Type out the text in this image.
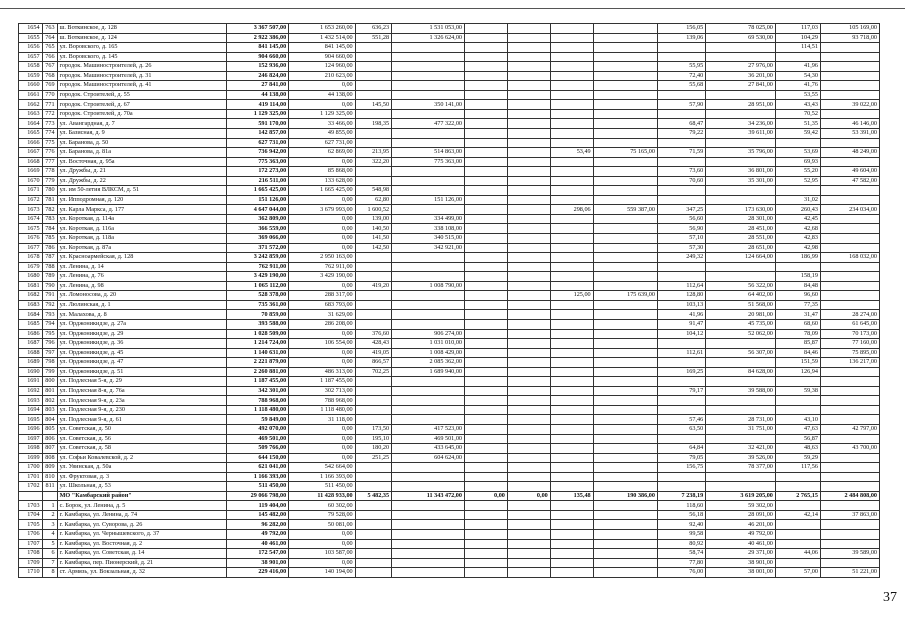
1654	763	ш. Воткинское, д. 128	3 367 507,00	1 653 260,00	636,23	1 531 053,00					156,05	78 025,00	117,03	105 169,00
1655	764	ш. Воткинское, д. 124	2 922 386,00	1 432 514,00	551,28	1 326 624,00					139,06	69 530,00	104,29	93 718,00
1656	765	ул. Воровского, д. 165	841 145,00	841 145,00									114,51	
1657	766	ул. Воровского, д. 145	904 660,00	904 660,00										
1658	767	городок. Машиностроителей, д. 26	152 936,00	124 960,00							55,95	27 976,00	41,96	
1659	768	городок. Машиностроителей, д. 31	246 824,00	210 623,00							72,40	36 201,00	54,30	
1660	769	городок. Машиностроителей, д. 41	27 841,00	0,00							55,68	27 841,00	41,76	
1661	770	городок. Строителей, д. 55	44 138,00	44 138,00									53,55	
1662	771	городок. Строителей, д. 67	419 114,00	0,00	145,50	350 141,00					57,90	28 951,00	43,43	39 022,00
1663	772	городок. Строителей, д. 70а	1 129 325,00	1 129 325,00									70,52	
1664	773	ул. Авангардная, д. 7	591 170,00	33 466,00	198,35	477 322,00					68,47	34 236,00	51,35	46 146,00
1665	774	ул. Базисная, д. 9	142 857,00	49 855,00							79,22	39 611,00	59,42	53 391,00
1666	775	ул. Баранова, д. 50	627 731,00	627 731,00										
1667	776	ул. Баранова, д. 81а	736 942,00	62 869,00	213,95	514 863,00			53,49	75 165,00	71,59	35 796,00	53,69	48 249,00
1668	777	ул. Восточная, д. 95а	775 363,00	0,00	322,20	775 363,00							69,93	
1669	778	ул. Дружбы, д. 21	172 273,00	85 868,00							73,60	36 801,00	55,20	49 604,00
1670	779	ул. Дружбы, д. 22	216 511,00	133 628,00							70,60	35 301,00	52,95	47 582,00
1671	780	ул. им 50-летия ВЛКСМ, д. 51	1 665 425,00	1 665 425,00	548,98									
1672	781	ул. Ипподромная, д. 120	151 126,00	0,00	62,80	151 126,00							31,02	
1673	782	ул. Карла Маркса, д. 177	4 647 044,00	3 679 993,00	1 600,52				298,06	559 387,00	347,25	173 630,00	260,43	234 034,00
1674	783	ул. Короткая, д. 114а	362 809,00	0,00	139,00	334 499,00					56,60	28 301,00	42,45	
1675	784	ул. Короткая, д. 116а	366 559,00	0,00	140,50	338 108,00					56,90	28 451,00	42,68	
1676	785	ул. Короткая, д. 118а	369 066,00	0,00	141,50	340 515,00					57,10	28 551,00	42,83	
1677	786	ул. Короткая, д. 87а	371 572,00	0,00	142,50	342 921,00					57,30	28 651,00	42,98	
1678	787	ул. Красноармейская, д. 128	3 242 859,00	2 950 163,00							249,32	124 664,00	186,99	168 032,00
1679	788	ул. Ленина, д. 14	762 911,00	762 911,00										
1680	789	ул. Ленина, д. 76	3 429 190,00	3 429 190,00									158,19	
1681	790	ул. Ленина, д. 98	1 065 112,00	0,00	419,20	1 008 790,00					112,64	56 322,00	84,48	
1682	791	ул. Ломоносова, д. 20	528 378,00	288 317,00					125,00	175 639,00	128,80	64 402,00	96,60	
1683	792	ул. Люлинская, д. 1	735 361,00	683 793,00							103,13	51 568,00	77,35	
1684	793	ул. Малахова, д. 8	70 859,00	31 629,00							41,96	20 981,00	31,47	28 274,00
1685	794	ул. Орджоникидзе, д. 27а	393 588,00	286 208,00							91,47	45 735,00	68,60	61 645,00
1686	795	ул. Орджоникидзе, д. 29	1 028 509,00	0,00	376,60	906 274,00					104,12	52 062,00	78,09	70 173,00
1687	796	ул. Орджоникидзе, д. 36	1 214 724,00	106 554,00	428,43	1 031 010,00							85,87	77 160,00
1688	797	ул. Орджоникидзе, д. 45	1 140 631,00	0,00	419,05	1 008 429,00					112,61	56 307,00	84,46	75 895,00
1689	798	ул. Орджоникидзе, д. 47	2 221 879,00	0,00	866,57	2 085 362,00							151,59	136 217,00
1690	799	ул. Орджоникидзе, д. 51	2 260 881,00	486 313,00	702,25	1 689 940,00					169,25	84 628,00	126,94	
1691	800	ул. Подлесная 5-я, д. 29	1 187 455,00	1 187 455,00										
1692	801	ул. Подлесная 8-я, д. 76а	342 301,00	302 713,00							79,17	39 588,00	59,38	
1693	802	ул. Подлесная 9-я, д. 23а	788 968,00	788 968,00										
1694	803	ул. Подлесная 9-я, д. 230	1 118 480,00	1 118 480,00										
1695	804	ул. Подлесная 9-я, д. 61	59 849,00	31 118,00							57,46	28 731,00	43,10	
1696	805	ул. Советская, д. 50	492 070,00	0,00	173,50	417 523,00					63,50	31 751,00	47,63	42 797,00
1697	806	ул. Советская, д. 56	469 501,00	0,00	195,10	469 501,00							56,87	
1698	807	ул. Советская, д. 58	509 766,00	0,00	180,20	433 645,00					64,84	32 421,00	48,63	43 700,00
1699	808	ул. Софьи Ковалевской, д. 2	644 150,00	0,00	251,25	604 624,00					79,05	39 526,00	59,29	
1700	809	ул. Увинская, д. 50а	621 041,00	542 664,00							156,75	78 377,00	117,56	
1701	810	ул. Фруктовая, д. 3	1 166 393,00	1 166 393,00										
1702	811	ул. Школьная, д. 53	511 450,00	511 450,00										
		МО "Камбарский район"	29 066 798,00	11 428 933,00	5 482,35	11 343 472,00	0,00	0,00	135,48	190 386,00	7 238,19	3 619 205,00	2 765,15	2 484 808,00
1703	1	с. Борок, ул. Ленина, д. 5	119 404,00	60 302,00							118,60	59 302,00		
1704	2	г. Камбарка, ул. Ленина, д. 74	145 482,00	79 528,00							56,18	28 091,00	42,14	37 863,00
1705	3	г. Камбарка, ул. Суворова, д. 26	96 282,00	50 081,00							92,40	46 201,00		
1706	4	г. Камбарка, ул. Чернышевского, д. 37	49 792,00	0,00							99,58	49 792,00		
1707	5	г. Камбарка, ул. Восточная, д. 2	40 461,00	0,00							80,92	40 461,00		
1708	6	г. Камбарка, ул. Советская, д. 14	172 547,00	103 587,00							58,74	29 371,00	44,06	39 589,00
1709	7	г. Камбарка, пер. Пионерский, д. 21	38 901,00	0,00							77,80	38 901,00		
1710	8	ст. Армязь, ул. Вокзальная, д. 32	229 416,00	140 194,00							76,00	38 001,00	57,00	51 221,00
37
